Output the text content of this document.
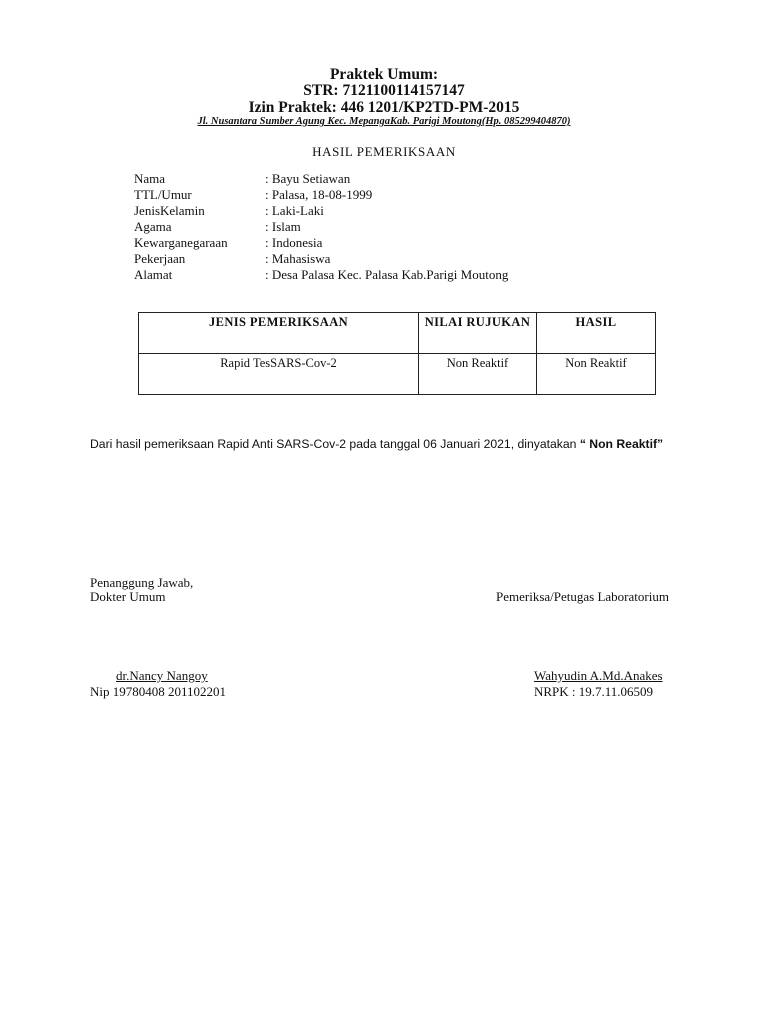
Praktek Umum:
STR: 7121100114157147
Izin Praktek: 446 1201/KP2TD-PM-2015
Jl. Nusantara Sumber Agung Kec. MepangaKab. Parigi Moutong(Hp. 085299404870)
HASIL PEMERIKSAAN
Nama	: Bayu Setiawan
TTL/Umur	: Palasa, 18-08-1999
JenisKelamin	: Laki-Laki
Agama	: Islam
Kewarganegaraan	: Indonesia
Pekerjaan	: Mahasiswa
Alamat	: Desa Palasa Kec. Palasa Kab.Parigi Moutong
JENIS PEMERIKSAAN	NILAI RUJUKAN	HASIL
Rapid TesSARS-Cov-2	Non Reaktif	Non Reaktif
Dari hasil pemeriksaan Rapid Anti SARS-Cov-2 pada tanggal 06 Januari 2021, dinyatakan “ Non Reaktif”
Penanggung Jawab,
Dokter Umum	Pemeriksa/Petugas Laboratorium
dr.Nancy Nangoy
Nip 19780408 201102201
Wahyudin A.Md.Anakes
NRPK : 19.7.11.06509
